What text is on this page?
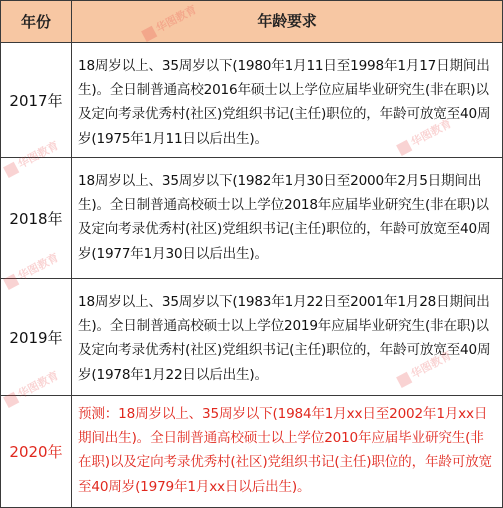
年份	年龄要求
2017年
18周岁以上、35周岁以下(1980年1月11日至1998年1月17日期间出生)。全日制普通高校2016年硕士以上学位应届毕业研究生(非在职)以及定向考录优秀村(社区)党组织书记(主任)职位的，年龄可放宽至40周岁(1975年1月11日以后出生)。
2018年
18周岁以上、35周岁以下(1982年1月30日至2000年2月5日期间出生)。全日制普通高校硕士以上学位2018年应届毕业研究生(非在职)以及定向考录优秀村(社区)党组织书记(主任)职位的，年龄可放宽至40周岁(1977年1月30日以后出生)。
2019年
18周岁以上、35周岁以下(1983年1月22日至2001年1月28日期间出生)。全日制普通高校硕士以上学位2019年应届毕业研究生(非在职)以及定向考录优秀村(社区)党组织书记(主任)职位的，年龄可放宽至40周岁(1978年1月22日以后出生)。
2020年
预测：18周岁以上、35周岁以下(1984年1月xx日至2002年1月xx日期间出生)。全日制普通高校硕士以上学位2010年应届毕业研究生(非在职)以及定向考录优秀村(社区)党组织书记(主任)职位的，年龄可放宽至40周岁(1979年1月xx日以后出生)。
华图教育
华图教育
华图教育
华图教育
华图教育
华图教育
